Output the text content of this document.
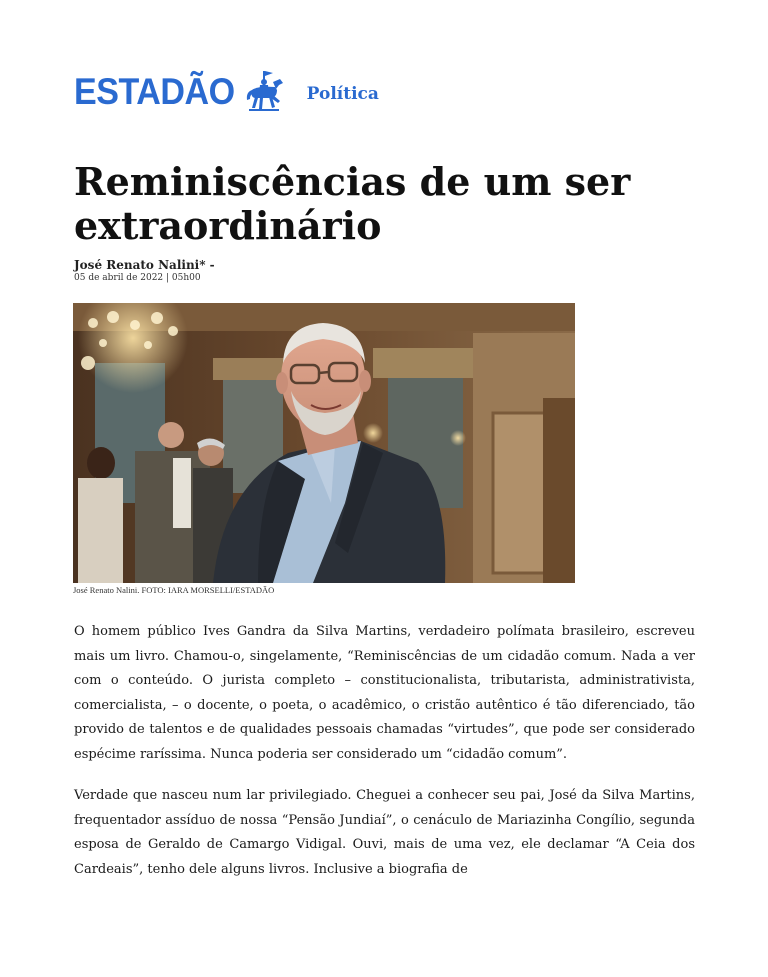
ESTADÃO	Política
Reminiscências de um ser extraordinário
José Renato Nalini* -
05 de abril de 2022 | 05h00
José Renato Nalini. FOTO: IARA MORSELLI/ESTADÃO

O homem público Ives Gandra da Silva Martins, verdadeiro polímata brasileiro, escreveu mais um livro. Chamou-o, singelamente, “Reminiscências de um cidadão comum. Nada a ver com o conteúdo. O jurista completo – constitucionalista, tributarista, administrativista, comercialista, – o docente, o poeta, o acadêmico, o cristão autêntico é tão diferenciado, tão provido de talentos e de qualidades pessoais chamadas “virtudes”, que pode ser considerado espécime raríssima. Nunca poderia ser considerado um “cidadão comum”.

Verdade que nasceu num lar privilegiado. Cheguei a conhecer seu pai, José da Silva Martins, frequentador assíduo de nossa “Pensão Jundiaí”, o cenáculo de Mariazinha Congílio, segunda esposa de Geraldo de Camargo Vidigal. Ouvi, mais de uma vez, ele declamar “A Ceia dos Cardeais”, tenho dele alguns livros. Inclusive a biografia de
